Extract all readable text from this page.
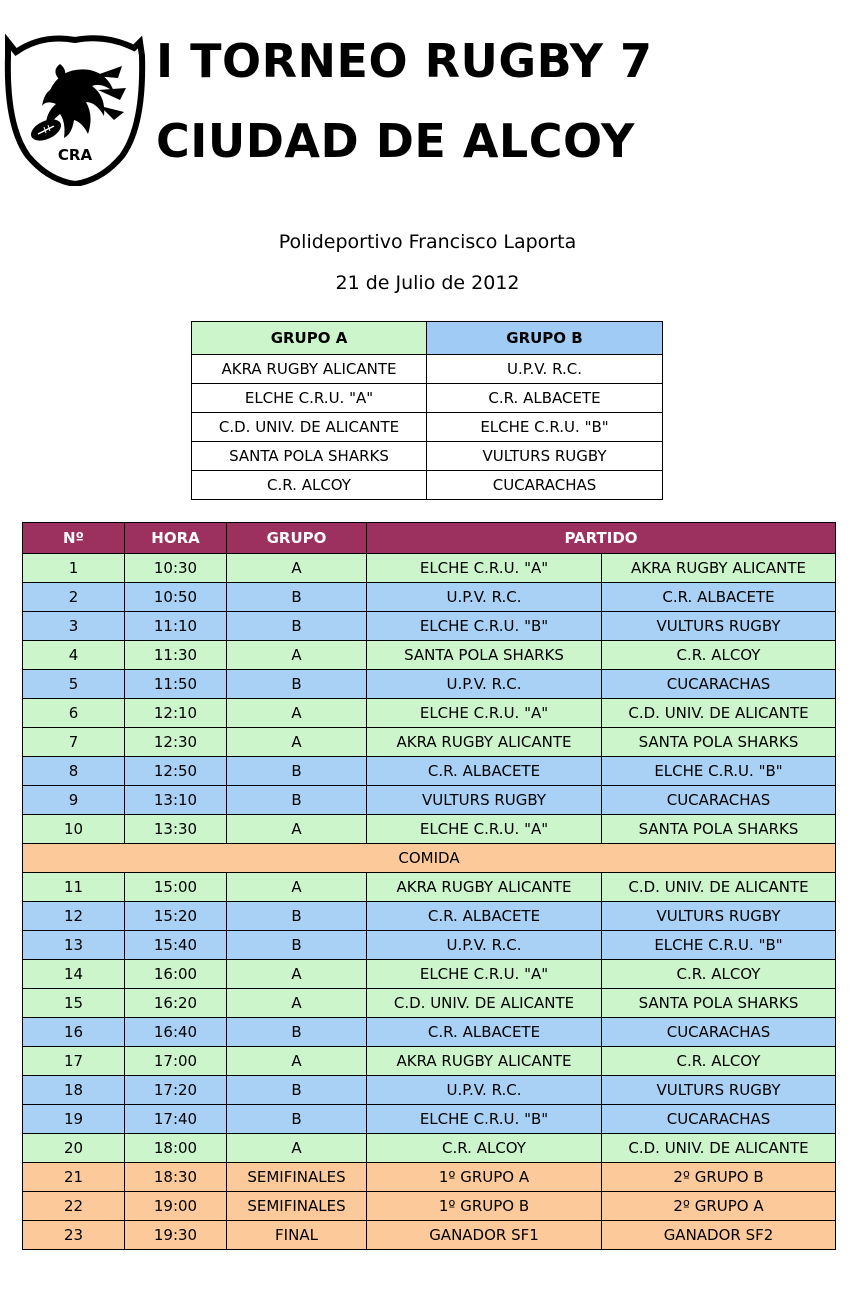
CRA
I TORNEO RUGBY 7
CIUDAD DE ALCOY
Polideportivo Francisco Laporta
21 de Julio de 2012
GRUPO A	GRUPO B
AKRA RUGBY ALICANTE	U.P.V. R.C.
ELCHE C.R.U. "A"	C.R. ALBACETE
C.D. UNIV. DE ALICANTE	ELCHE C.R.U. "B"
SANTA POLA SHARKS	VULTURS RUGBY
C.R. ALCOY	CUCARACHAS
Nº	HORA	GRUPO	PARTIDO	
1	10:30	A	ELCHE C.R.U. "A"	AKRA RUGBY ALICANTE
2	10:50	B	U.P.V. R.C.	C.R. ALBACETE
3	11:10	B	ELCHE C.R.U. "B"	VULTURS RUGBY
4	11:30	A	SANTA POLA SHARKS	C.R. ALCOY
5	11:50	B	U.P.V. R.C.	CUCARACHAS
6	12:10	A	ELCHE C.R.U. "A"	C.D. UNIV. DE ALICANTE
7	12:30	A	AKRA RUGBY ALICANTE	SANTA POLA SHARKS
8	12:50	B	C.R. ALBACETE	ELCHE C.R.U. "B"
9	13:10	B	VULTURS RUGBY	CUCARACHAS
10	13:30	A	ELCHE C.R.U. "A"	SANTA POLA SHARKS
COMIDA				
11	15:00	A	AKRA RUGBY ALICANTE	C.D. UNIV. DE ALICANTE
12	15:20	B	C.R. ALBACETE	VULTURS RUGBY
13	15:40	B	U.P.V. R.C.	ELCHE C.R.U. "B"
14	16:00	A	ELCHE C.R.U. "A"	C.R. ALCOY
15	16:20	A	C.D. UNIV. DE ALICANTE	SANTA POLA SHARKS
16	16:40	B	C.R. ALBACETE	CUCARACHAS
17	17:00	A	AKRA RUGBY ALICANTE	C.R. ALCOY
18	17:20	B	U.P.V. R.C.	VULTURS RUGBY
19	17:40	B	ELCHE C.R.U. "B"	CUCARACHAS
20	18:00	A	C.R. ALCOY	C.D. UNIV. DE ALICANTE
21	18:30	SEMIFINALES	1º GRUPO A	2º GRUPO B
22	19:00	SEMIFINALES	1º GRUPO B	2º GRUPO A
23	19:30	FINAL	GANADOR SF1	GANADOR SF2
